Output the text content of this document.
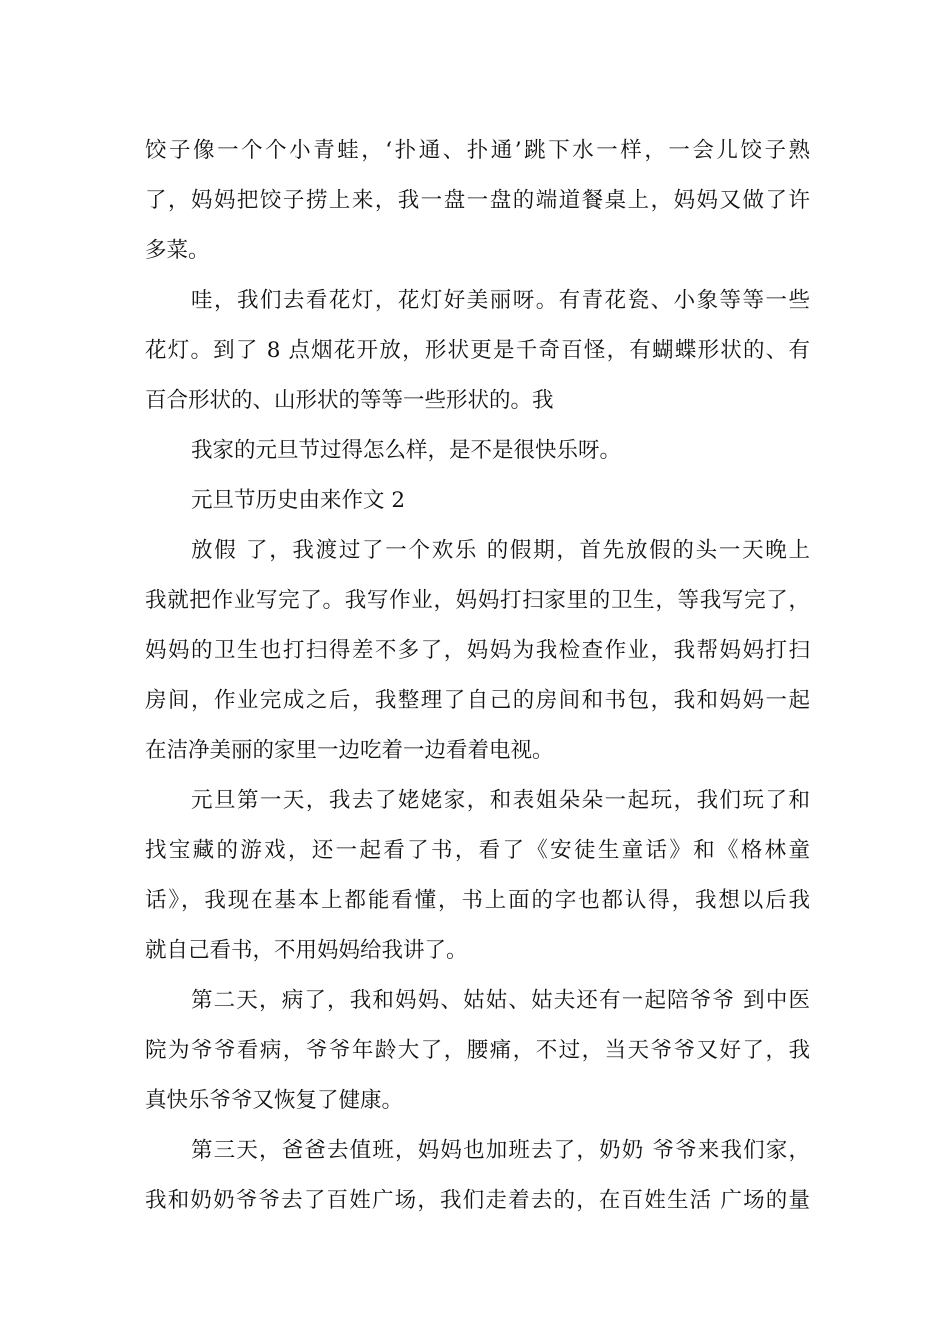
饺子像一个个小青蛙，‘扑通、扑通’跳下水一样，一会儿饺子熟
了，妈妈把饺子捞上来，我一盘一盘的端道餐桌上，妈妈又做了许
多菜。
哇，我们去看花灯，花灯好美丽呀。有青花瓷、小象等等一些
花灯。到了 8 点烟花开放，形状更是千奇百怪，有蝴蝶形状的、有
百合形状的、山形状的等等一些形状的。我
我家的元旦节过得怎么样，是不是很快乐呀。
元旦节历史由来作文 2
放假 了，我渡过了一个欢乐 的假期，首先放假的头一天晚上
我就把作业写完了。我写作业，妈妈打扫家里的卫生，等我写完了，
妈妈的卫生也打扫得差不多了，妈妈为我检查作业，我帮妈妈打扫
房间，作业完成之后，我整理了自己的房间和书包，我和妈妈一起
在洁净美丽的家里一边吃着一边看着电视。
元旦第一天，我去了姥姥家，和表姐朵朵一起玩，我们玩了和
找宝藏的游戏，还一起看了书，看了《安徒生童话》和《格林童
话》，我现在基本上都能看懂，书上面的字也都认得，我想以后我
就自己看书，不用妈妈给我讲了。
第二天，病了，我和妈妈、姑姑、姑夫还有一起陪爷爷 到中医
院为爷爷看病，爷爷年龄大了，腰痛，不过，当天爷爷又好了，我
真快乐爷爷又恢复了健康。
第三天，爸爸去值班，妈妈也加班去了，奶奶 爷爷来我们家，
我和奶奶爷爷去了百姓广场，我们走着去的，在百姓生活 广场的量
